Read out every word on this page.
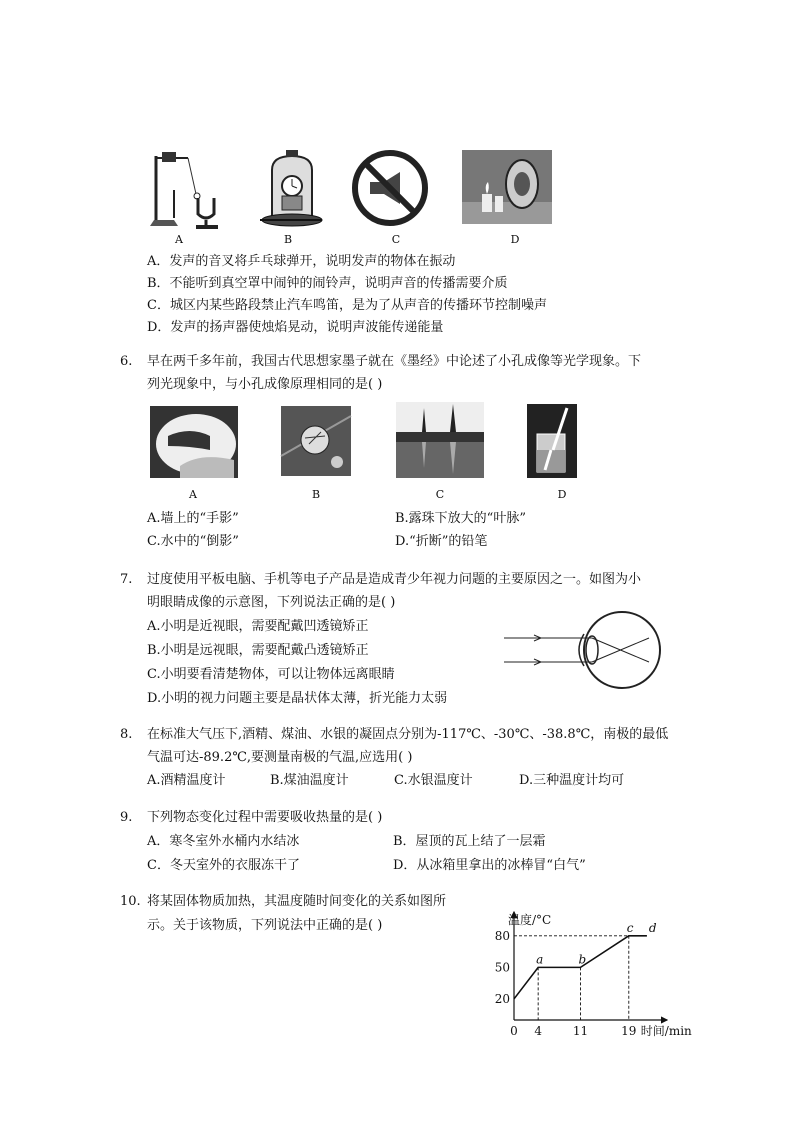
A	B	C	D
A．发声的音叉将乒乓球弹开，说明发声的物体在振动
B．不能听到真空罩中闹钟的闹铃声，说明声音的传播需要介质
C．城区内某些路段禁止汽车鸣笛，是为了从声音的传播环节控制噪声
D．发声的扬声器使烛焰晃动，说明声波能传递能量
6. 早在两千多年前，我国古代思想家墨子就在《墨经》中论述了小孔成像等光学现象。下
列光现象中，与小孔成像原理相同的是( )
A	B	C	D
A.墙上的“手影”	B.露珠下放大的“叶脉”
C.水中的“倒影”	D.“折断”的铅笔
7. 过度使用平板电脑、手机等电子产品是造成青少年视力问题的主要原因之一。如图为小
明眼睛成像的示意图，下列说法正确的是( )
A.小明是近视眼，需要配戴凹透镜矫正
B.小明是远视眼，需要配戴凸透镜矫正
C.小明要看清楚物体，可以让物体远离眼睛
D.小明的视力问题主要是晶状体太薄，折光能力太弱
8. 在标准大气压下,酒精、煤油、水银的凝固点分别为-117℃、-30℃、-38.8℃，南极的最低
气温可达-89.2℃,要测量南极的气温,应选用( )
A.酒精温度计	B.煤油温度计	C.水银温度计	D.三种温度计均可
9. 下列物态变化过程中需要吸收热量的是( )
A．寒冬室外水桶内水结冰	B．屋顶的瓦上结了一层霜
C．冬天室外的衣服冻干了	D．从冰箱里拿出的冰棒冒“白气”
10. 将某固体物质加热，其温度随时间变化的关系如图所
示。关于该物质，下列说法中正确的是( )
0 4	11	19
20
50
80
a	b
c d
温度/°C
时间/min
